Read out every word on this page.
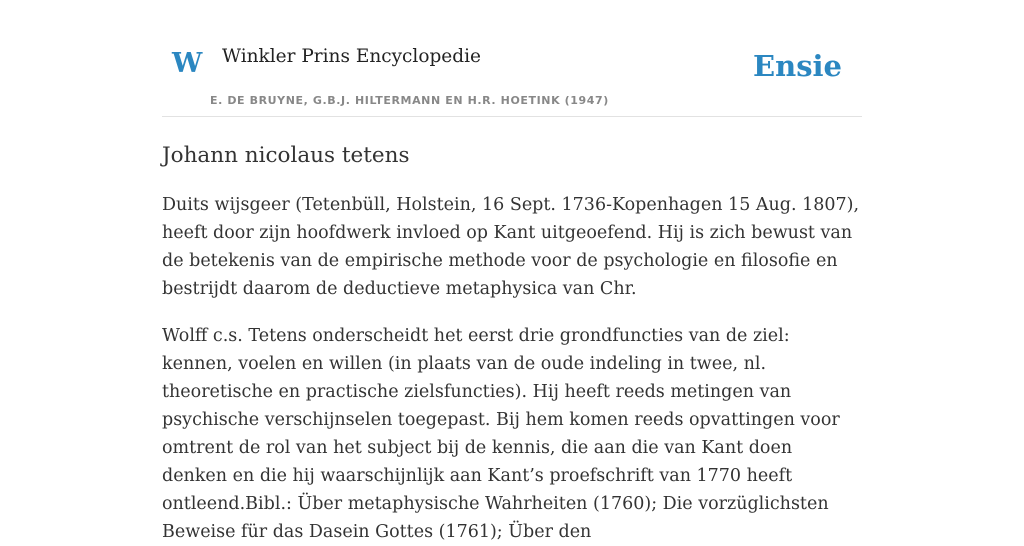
W Winkler Prins Encyclopedie
E. DE BRUYNE, G.B.J. HILTERMANN EN H.R. HOETINK (1947)
Ensie
Johann nicolaus tetens

Duits wijsgeer (Tetenbüll, Holstein, 16 Sept. 1736-Kopenhagen 15 Aug. 1807), heeft door zijn hoofdwerk invloed op Kant uitgeoefend. Hij is zich bewust van de betekenis van de empirische methode voor de psychologie en filosofie en bestrijdt daarom de deductieve metaphysica van Chr.

Wolff c.s. Tetens onderscheidt het eerst drie grondfuncties van de ziel: kennen, voelen en willen (in plaats van de oude indeling in twee, nl. theoretische en practische zielsfuncties). Hij heeft reeds metingen van psychische verschijnselen toegepast. Bij hem komen reeds opvattingen voor omtrent de rol van het subject bij de kennis, die aan die van Kant doen denken en die hij waarschijnlijk aan Kant’s proefschrift van 1770 heeft ontleend.Bibl.: Über metaphysische Wahrheiten (1760); Die vorzüglichsten Beweise für das Dasein Gottes (1761); Über den
